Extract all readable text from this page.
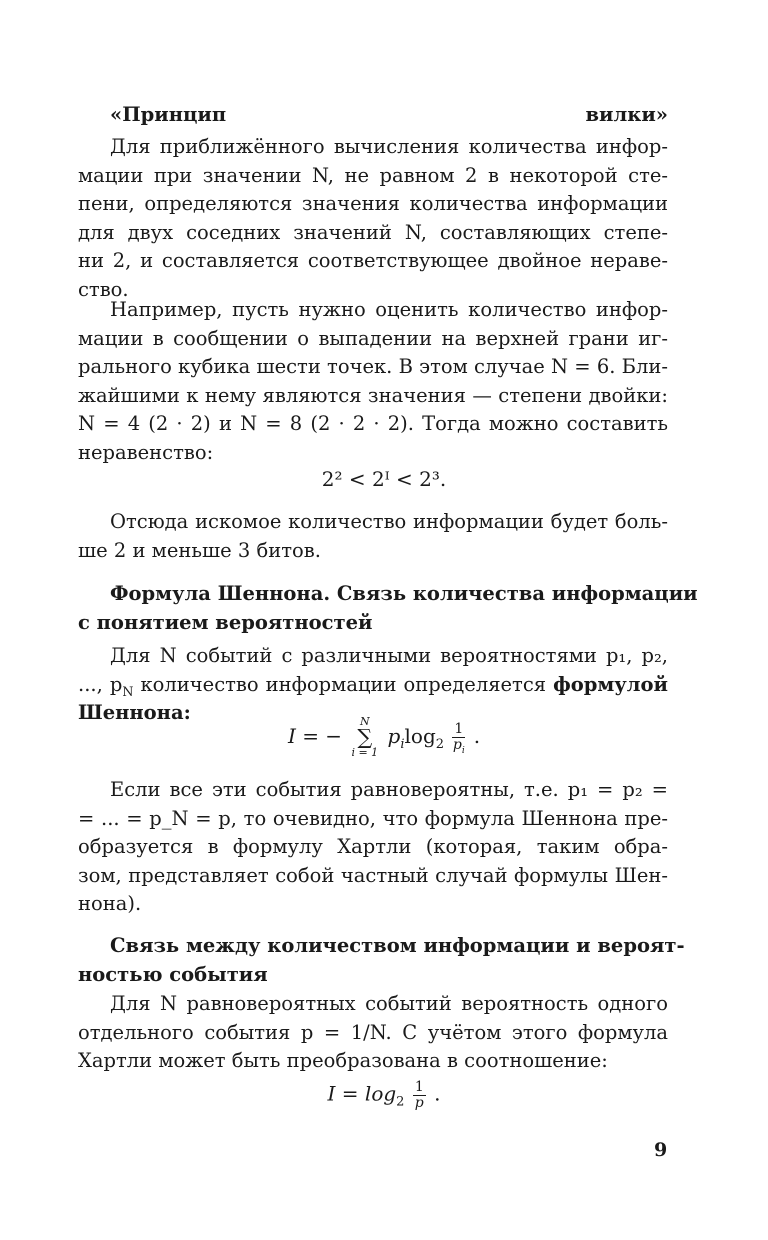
«Принцип вилки»

Для приближённого вычисления количества инфор-
мации при значении N, не равном 2 в некоторой сте-
пени, определяются значения количества информации
для двух соседних значений N, составляющих степе-
ни 2, и составляется соответствующее двойное нераве-
ство.
Например, пусть нужно оценить количество инфор-
мации в сообщении о выпадении на верхней грани иг-
рального кубика шести точек. В этом случае N = 6. Бли-
жайшими к нему являются значения — степени двойки:
N = 4 (2 · 2) и N = 8 (2 · 2 · 2). Тогда можно составить
неравенство:
2² < 2ᴵ < 2³.
Отсюда искомое количество информации будет боль-
ше 2 и меньше 3 битов.

Формула Шеннона. Связь количества информации
с понятием вероятностей

Для N событий с различными вероятностями p₁, p₂,
..., $p_N$ количество информации определяется формулой
Шеннона:
I = −
N
∑
i = 1
$p_i\log_2 \frac{1}{p_i}$ .
Если все эти события равновероятны, т.е. p₁ = p₂ =
= ... = p_N = p, то очевидно, что формула Шеннона пре-
образуется в формулу Хартли (которая, таким обра-
зом, представляет собой частный случай формулы Шен-
нона).

Связь между количеством информации и вероят-
ностью события

Для N равновероятных событий вероятность одного
отдельного события p = 1/N. С учётом этого формула
Хартли может быть преобразована в соотношение:
$I = \log_2 \frac{1}{p}$ .
9
